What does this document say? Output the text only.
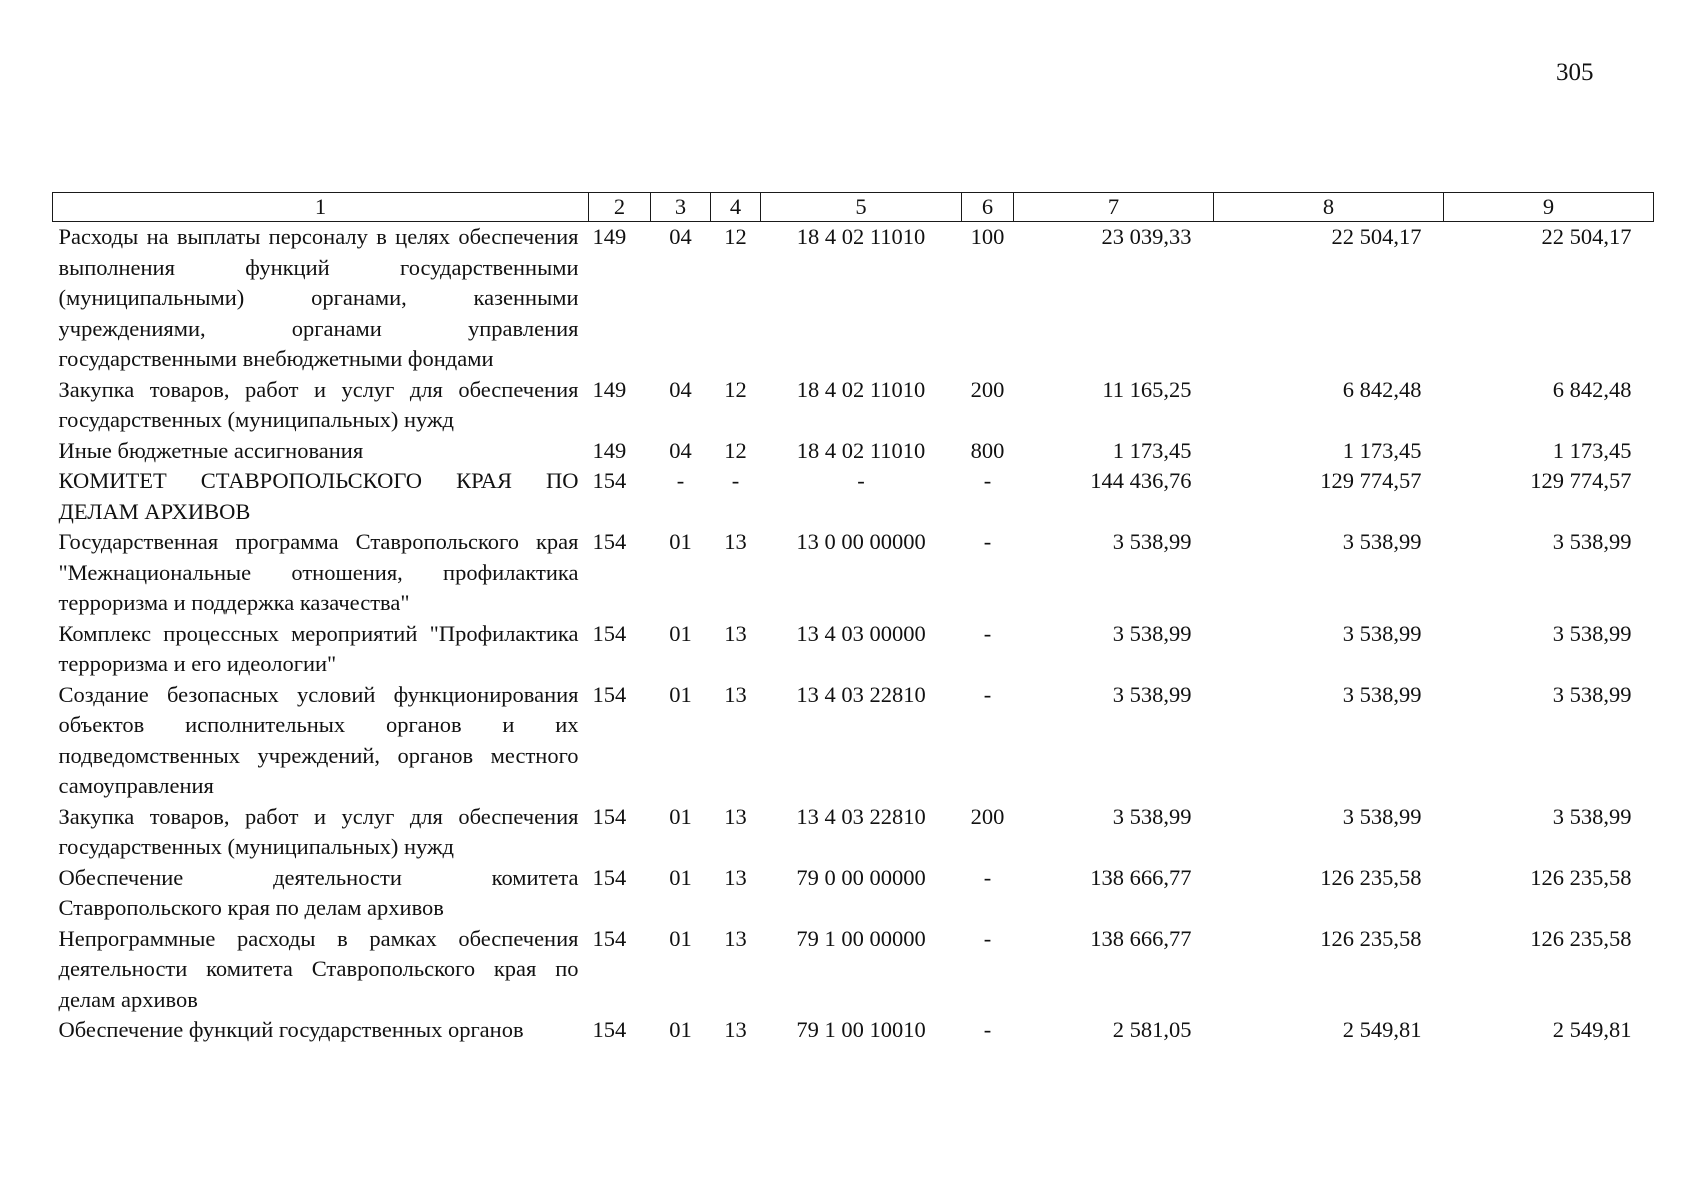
305
1	2	3	4	5	6	7	8	9
Расходы на выплаты персоналу в целях обеспечения выполнения функций государственными (муниципальными) органами, казенными учреждениями, органами управления государственными внебюджетными фондами	149	04	12	18 4 02 11010	100	23 039,33	22 504,17	22 504,17
Закупка товаров, работ и услуг для обеспечения государственных (муниципальных) нужд	149	04	12	18 4 02 11010	200	11 165,25	6 842,48	6 842,48
Иные бюджетные ассигнования	149	04	12	18 4 02 11010	800	1 173,45	1 173,45	1 173,45
КОМИТЕТ СТАВРОПОЛЬСКОГО КРАЯ ПО ДЕЛАМ АРХИВОВ	154	-	-	-	-	144 436,76	129 774,57	129 774,57
Государственная программа Ставропольского края "Межнациональные отношения, профилактика терроризма и поддержка казачества"	154	01	13	13 0 00 00000	-	3 538,99	3 538,99	3 538,99
Комплекс процессных мероприятий "Профилактика терроризма и его идеологии"	154	01	13	13 4 03 00000	-	3 538,99	3 538,99	3 538,99
Создание безопасных условий функционирования объектов исполнительных органов и их подведомственных учреждений, органов местного самоуправления	154	01	13	13 4 03 22810	-	3 538,99	3 538,99	3 538,99
Закупка товаров, работ и услуг для обеспечения государственных (муниципальных) нужд	154	01	13	13 4 03 22810	200	3 538,99	3 538,99	3 538,99
Обеспечение деятельности комитета Ставропольского края по делам архивов	154	01	13	79 0 00 00000	-	138 666,77	126 235,58	126 235,58
Непрограммные расходы в рамках обеспечения деятельности комитета Ставропольского края по делам архивов	154	01	13	79 1 00 00000	-	138 666,77	126 235,58	126 235,58
Обеспечение функций государственных органов	154	01	13	79 1 00 10010	-	2 581,05	2 549,81	2 549,81
